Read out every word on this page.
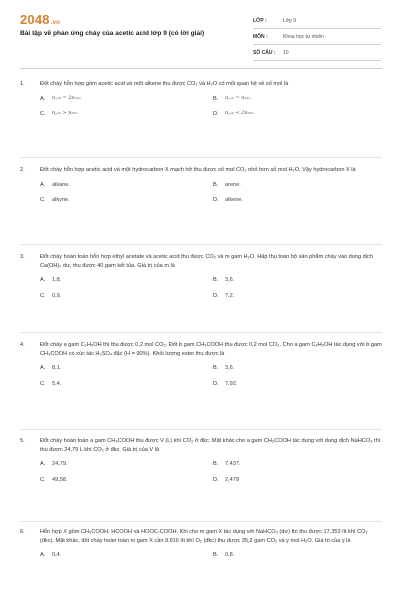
2048.vn
Bài tập về phản ứng cháy của acetic acid lớp 9 (có lời giải)
LỚP :	Lớp 9
MÔN :	Khoa học tự nhiên
SỐ CÂU :	10
1.	Đốt cháy hỗn hợp gồm acetic acid và một alkene thu được CO₂ và H₂O có mối quan hệ về số mol là
A.	n꜀ₒ₂ = 2nₕ₂ₒ	B.	n꜀ₒ₂ = nₕ₂ₒ
C.	n꜀ₒ₂ > nₕ₂ₒ	D.	n꜀ₒ₂ < 2nₕ₂ₒ
2.	Đốt cháy hỗn hợp acetic acid và một hydrocarbon X mạch hở thu được số mol CO₂ nhỏ hơn số mol H₂O. Vậy hydrocarbon X là
A.	alkane.	B.	arene.
C.	alkyne.	D.	alkene.
3.	Đốt cháy hoàn toàn hỗn hợp ethyl acetate và acetic acid thu được CO₂ và m gam H₂O. Hấp thụ toàn bộ sản phẩm cháy vào dung dịch Ca(OH)₂ dư, thu được 40 gam kết tủa. Giá trị của m là
A.	1,8.	B.	3,6.
C.	0,9.	D.	7,2.
4.	Đốt cháy a gam C₂H₅OH thì thu được 0,2 mol CO₂. Đốt b gam CH₃COOH thu được 0,2 mol CO₂. Cho a gam C₂H₅OH tác dụng với b gam CH₃COOH có xúc tác H₂SO₄ đặc (H = 90%). Khối lượng ester thu được là
A.	8,1.	B.	3,6.
C.	5,4.	D.	7,92.
5.	Đốt cháy hoàn toàn a gam CH₃COOH thu được V (L) khí CO₂ ở đkc. Mặt khác cho a gam CH₃COOH tác dụng với dung dịch NaHCO₃ thì thu được 24,79 L khí CO₂ ở đkc. Giá trị của V là
A.	24,79.	B.	7,437.
C.	49,58.	D.	2,479
6.	Hỗn hợp X gồm CH₃COOH, HCOOH và HOOC-COOH. Khi cho m gam X tác dụng với NaHCO₃ (dư) thì thu được 17,353 lít khí CO₂ (đkc). Mặt khác, đốt cháy hoàn toàn m gam X cần 9,916 lít khí O₂ (đkc) thu được 35,2 gam CO₂ và y mol H₂O. Giá trị của y là
A.	0,4.	B.	0,8.
